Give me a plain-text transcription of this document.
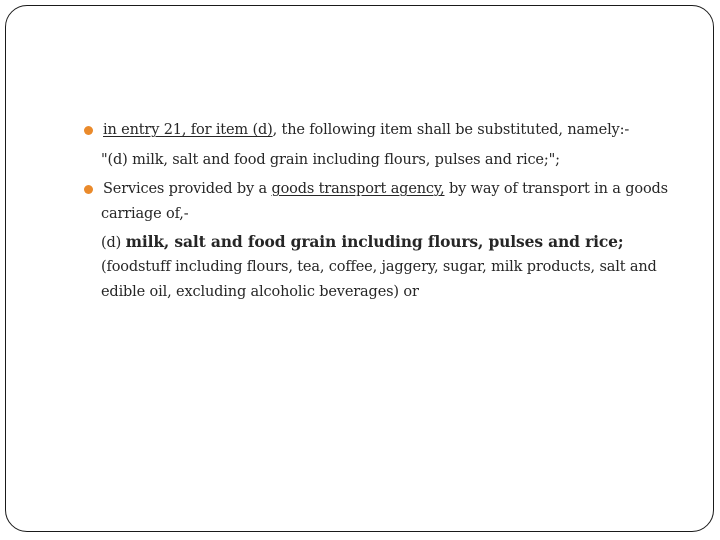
in entry 21, for item (d), the following item shall be substituted, namely:-
"(d) milk, salt and food grain including flours, pulses and rice;";
Services provided by a goods transport agency, by way of transport in a goods
carriage of,-
(d) milk, salt and food grain including flours, pulses and rice;
(foodstuff including flours, tea, coffee, jaggery, sugar, milk products, salt and
edible oil, excluding alcoholic beverages) or
